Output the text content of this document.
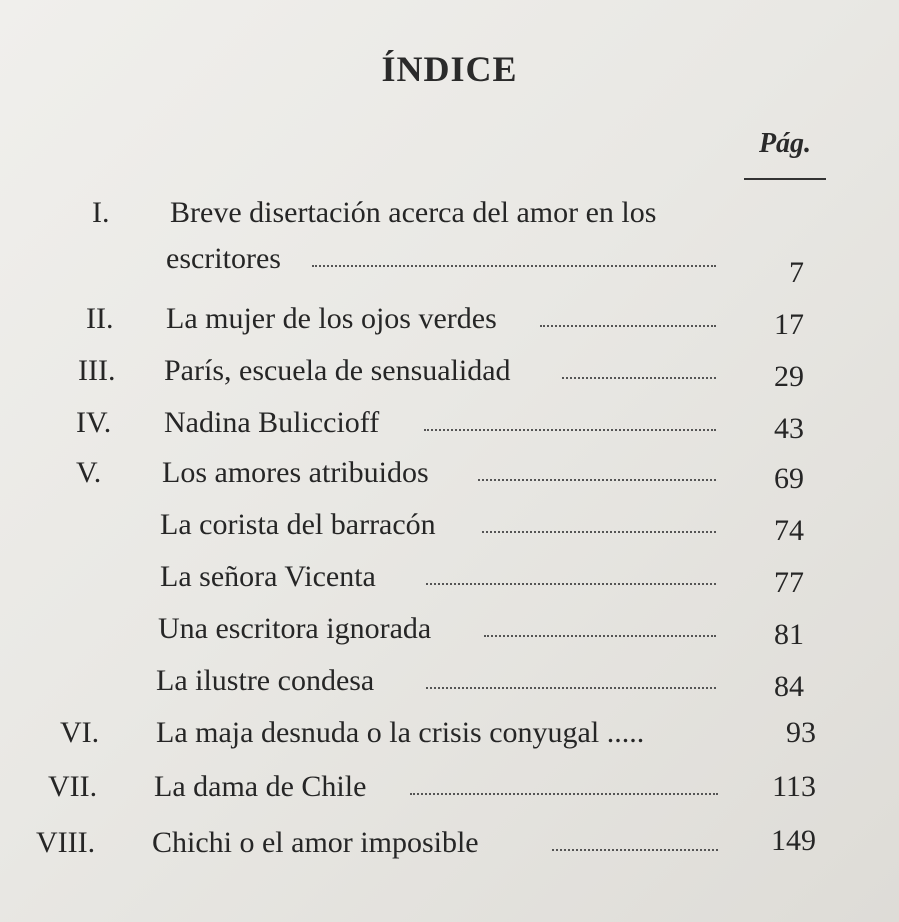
ÍNDICE
Pág.
I. Breve disertación acerca del amor en los
escritores	7
II. La mujer de los ojos verdes	17
III. París, escuela de sensualidad	29
IV. Nadina Buliccioff	43
V. Los amores atribuidos	69
La corista del barracón	74
La señora Vicenta	77
Una escritora ignorada	81
La ilustre condesa	84
VI. La maja desnuda o la crisis conyugal .....	93
VII. La dama de Chile	113
VIII. Chichi o el amor imposible	149
